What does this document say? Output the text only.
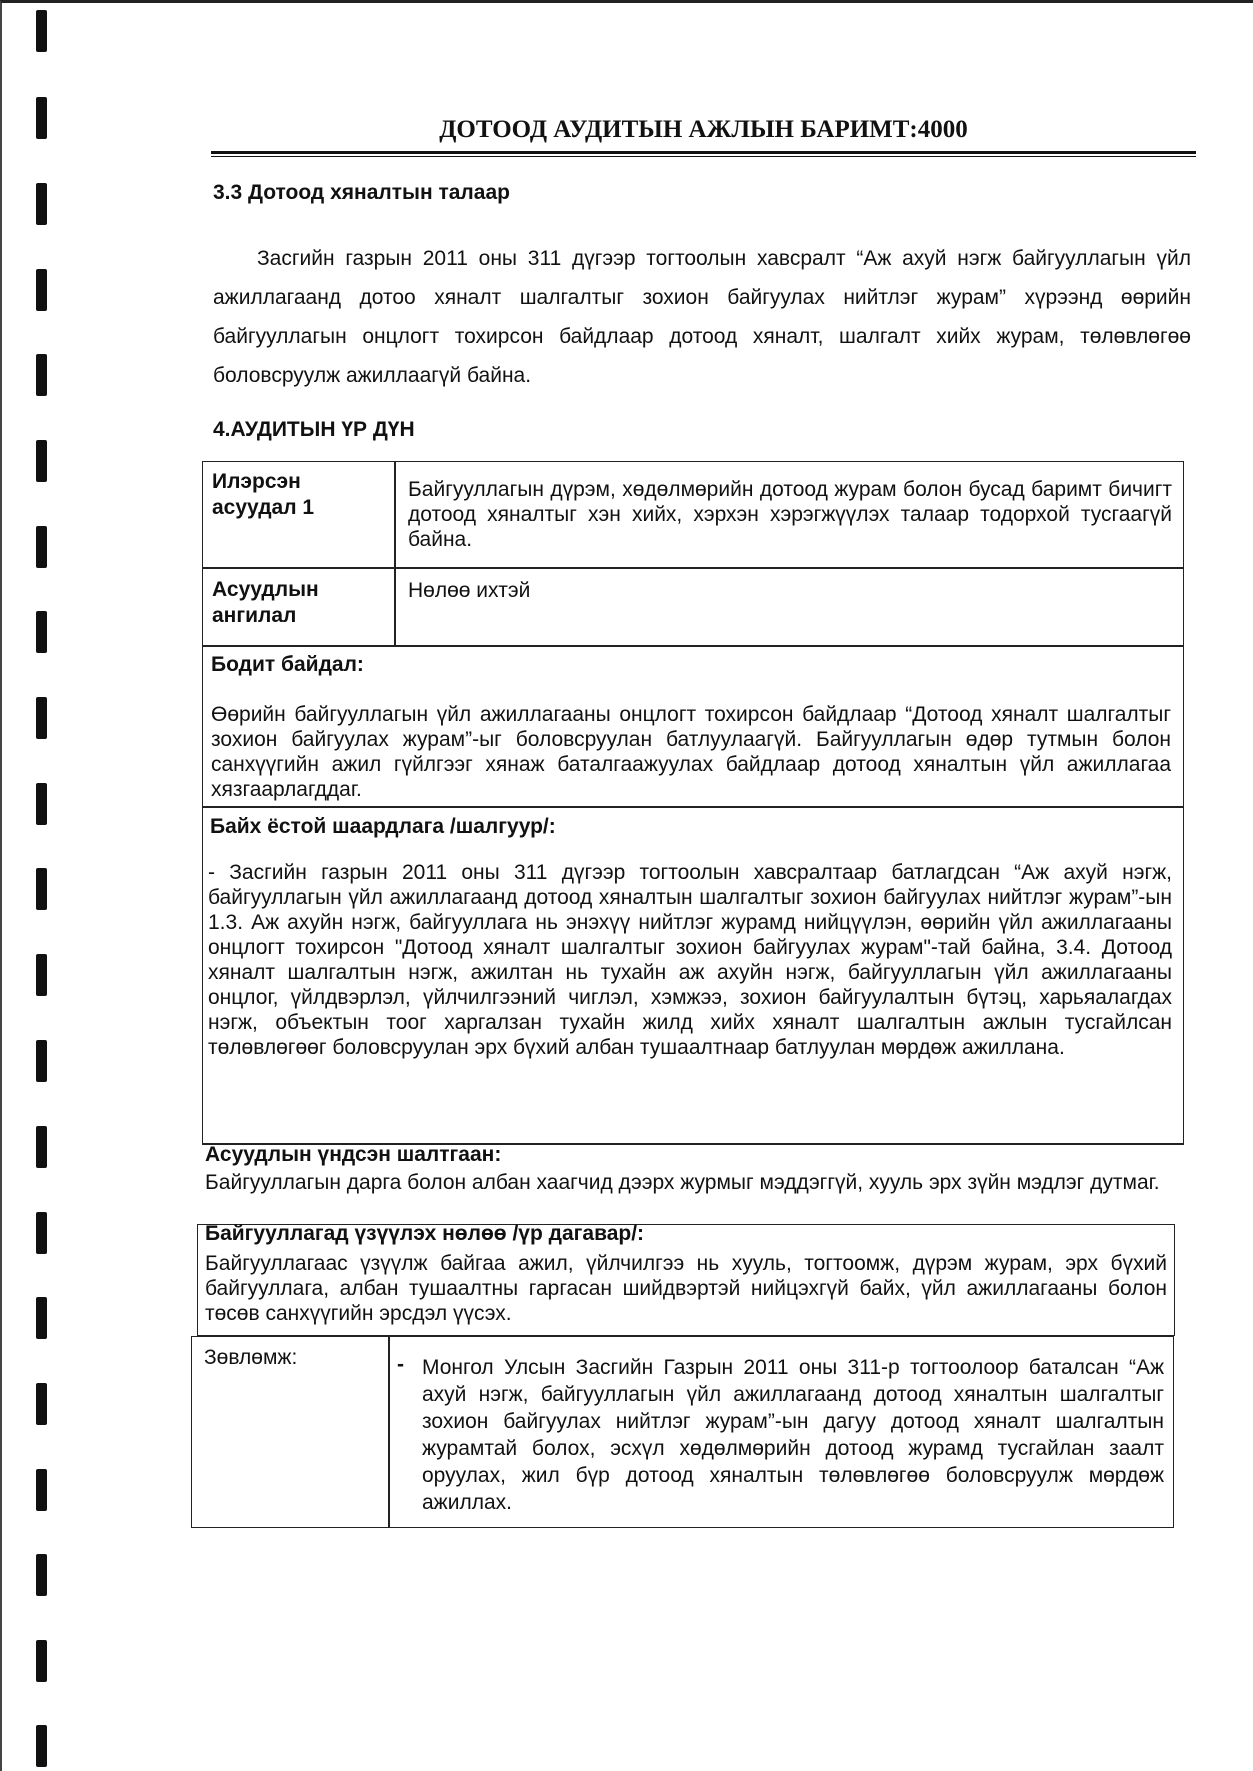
ДОТООД АУДИТЫН АЖЛЫН БАРИМТ:4000
3.3 Дотоод хяналтын талаар

Засгийн газрын 2011 оны 311 дүгээр тогтоолын хавсралт “Аж ахуй нэгж байгууллагын үйл ажиллагаанд дотоо хяналт шалгалтыг зохион байгуулах нийтлэг журам” хүрээнд өөрийн байгууллагын онцлогт тохирсон байдлаар дотоод хяналт, шалгалт хийх журам, төлөвлөгөө боловсруулж ажиллаагүй байна.

4.АУДИТЫН ҮР ДҮН
Илэрсэн асуудал 1
Байгууллагын дүрэм, хөдөлмөрийн дотоод журам болон бусад баримт бичигт дотоод хяналтыг хэн хийх, хэрхэн хэрэгжүүлэх талаар тодорхой тусгаагүй байна.
Асуудлын ангилал
Нөлөө ихтэй
Бодит байдал:

Өөрийн байгууллагын үйл ажиллагааны онцлогт тохирсон байдлаар “Дотоод хяналт шалгалтыг зохион байгуулах журам”-ыг боловсруулан батлуулаагүй. Байгууллагын өдөр тутмын болон санхүүгийн ажил гүйлгээг хянаж баталгаажуулах байдлаар дотоод хяналтын үйл ажиллагаа хязгаарлагддаг.

Байх ёстой шаардлага /шалгуур/:

- Засгийн газрын 2011 оны 311 дүгээр тогтоолын хавсралтаар батлагдсан “Аж ахуй нэгж, байгууллагын үйл ажиллагаанд дотоод хяналтын шалгалтыг зохион байгуулах нийтлэг журам”-ын 1.3. Аж ахуйн нэгж, байгууллага нь энэхүү нийтлэг журамд нийцүүлэн, өөрийн үйл ажиллагааны онцлогт тохирсон "Дотоод хяналт шалгалтыг зохион байгуулах журам"-тай байна, 3.4. Дотоод хяналт шалгалтын нэгж, ажилтан нь тухайн аж ахуйн нэгж, байгууллагын үйл ажиллагааны онцлог, үйлдвэрлэл, үйлчилгээний чиглэл, хэмжээ, зохион байгуулалтын бүтэц, харьяалагдах нэгж, объектын тоог харгалзан тухайн жилд хийх хяналт шалгалтын ажлын тусгайлсан төлөвлөгөөг боловсруулан эрх бүхий албан тушаалтнаар батлуулан мөрдөж ажиллана.

Асуудлын үндсэн шалтгаан:

Байгууллагын дарга болон албан хаагчид дээрх журмыг мэддэггүй, хууль эрх зүйн мэдлэг дутмаг.

Байгууллагад үзүүлэх нөлөө /үр дагавар/:

Байгууллагаас үзүүлж байгаа ажил, үйлчилгээ нь хууль, тогтоомж, дүрэм журам, эрх бүхий байгууллага, албан тушаалтны гаргасан шийдвэртэй нийцэхгүй байх, үйл ажиллагааны болон төсөв санхүүгийн эрсдэл үүсэх.

Зөвлөмж:	- Монгол Улсын Засгийн Газрын 2011 оны 311-р тогтоолоор баталсан “Аж ахуй нэгж, байгууллагын үйл ажиллагаанд дотоод хяналтын шалгалтыг зохион байгуулах нийтлэг журам”-ын дагуу дотоод хяналт шалгалтын журамтай болох, эсхүл хөдөлмөрийн дотоод журамд тусгайлан заалт оруулах, жил бүр дотоод хяналтын төлөвлөгөө боловсруулж мөрдөж ажиллах.
